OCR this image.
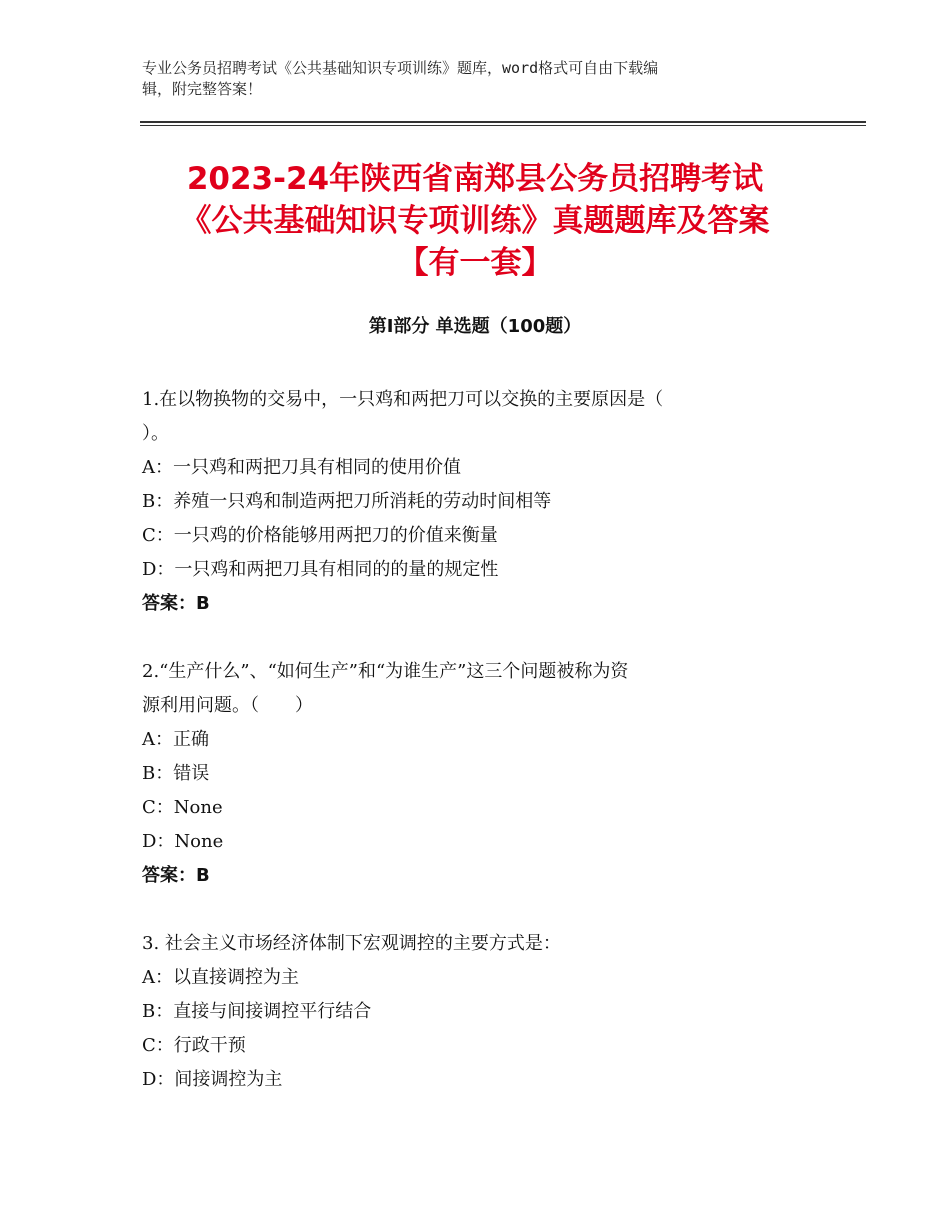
专业公务员招聘考试《公共基础知识专项训练》题库，word格式可自由下载编
辑，附完整答案！
2023-24年陕西省南郑县公务员招聘考试
《公共基础知识专项训练》真题题库及答案
【有一套】
第I部分 单选题（100题）
1.在以物换物的交易中，一只鸡和两把刀可以交换的主要原因是（
）。
A：一只鸡和两把刀具有相同的使用价值
B：养殖一只鸡和制造两把刀所消耗的劳动时间相等
C：一只鸡的价格能够用两把刀的价值来衡量
D：一只鸡和两把刀具有相同的的量的规定性
答案：B
2.“生产什么”、“如何生产”和“为谁生产”这三个问题被称为资
源利用问题。（　　）
A：正确
B：错误
C：None
D：None
答案：B
3. 社会主义市场经济体制下宏观调控的主要方式是：
A：以直接调控为主
B：直接与间接调控平行结合
C：行政干预
D：间接调控为主
